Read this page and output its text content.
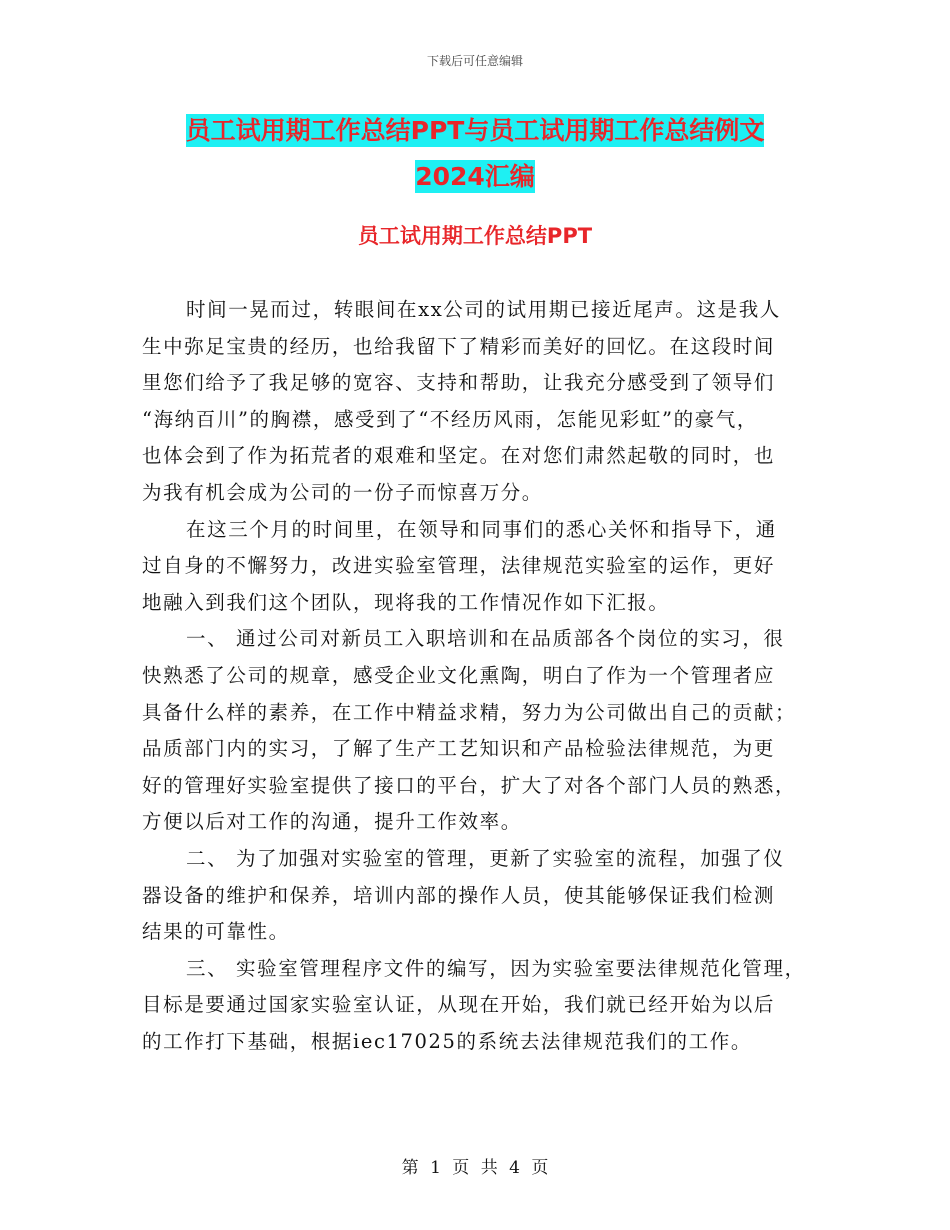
下载后可任意编辑
员工试用期工作总结PPT与员工试用期工作总结例文
2024汇编
员工试用期工作总结PPT
时间一晃而过，转眼间在xx公司的试用期已接近尾声。这是我人
生中弥足宝贵的经历，也给我留下了精彩而美好的回忆。在这段时间
里您们给予了我足够的宽容、支持和帮助，让我充分感受到了领导们
“海纳百川”的胸襟，感受到了“不经历风雨，怎能见彩虹”的豪气，
也体会到了作为拓荒者的艰难和坚定。在对您们肃然起敬的同时，也
为我有机会成为公司的一份子而惊喜万分。
在这三个月的时间里，在领导和同事们的悉心关怀和指导下，通
过自身的不懈努力，改进实验室管理，法律规范实验室的运作，更好
地融入到我们这个团队，现将我的工作情况作如下汇报。
一、 通过公司对新员工入职培训和在品质部各个岗位的实习，很
快熟悉了公司的规章，感受企业文化熏陶，明白了作为一个管理者应
具备什么样的素养，在工作中精益求精，努力为公司做出自己的贡献；
品质部门内的实习，了解了生产工艺知识和产品检验法律规范，为更
好的管理好实验室提供了接口的平台，扩大了对各个部门人员的熟悉，
方便以后对工作的沟通，提升工作效率。
二、 为了加强对实验室的管理，更新了实验室的流程，加强了仪
器设备的维护和保养，培训内部的操作人员，使其能够保证我们检测
结果的可靠性。
三、 实验室管理程序文件的编写，因为实验室要法律规范化管理，
目标是要通过国家实验室认证，从现在开始，我们就已经开始为以后
的工作打下基础，根据iec17025的系统去法律规范我们的工作。
第 1 页 共 4 页
